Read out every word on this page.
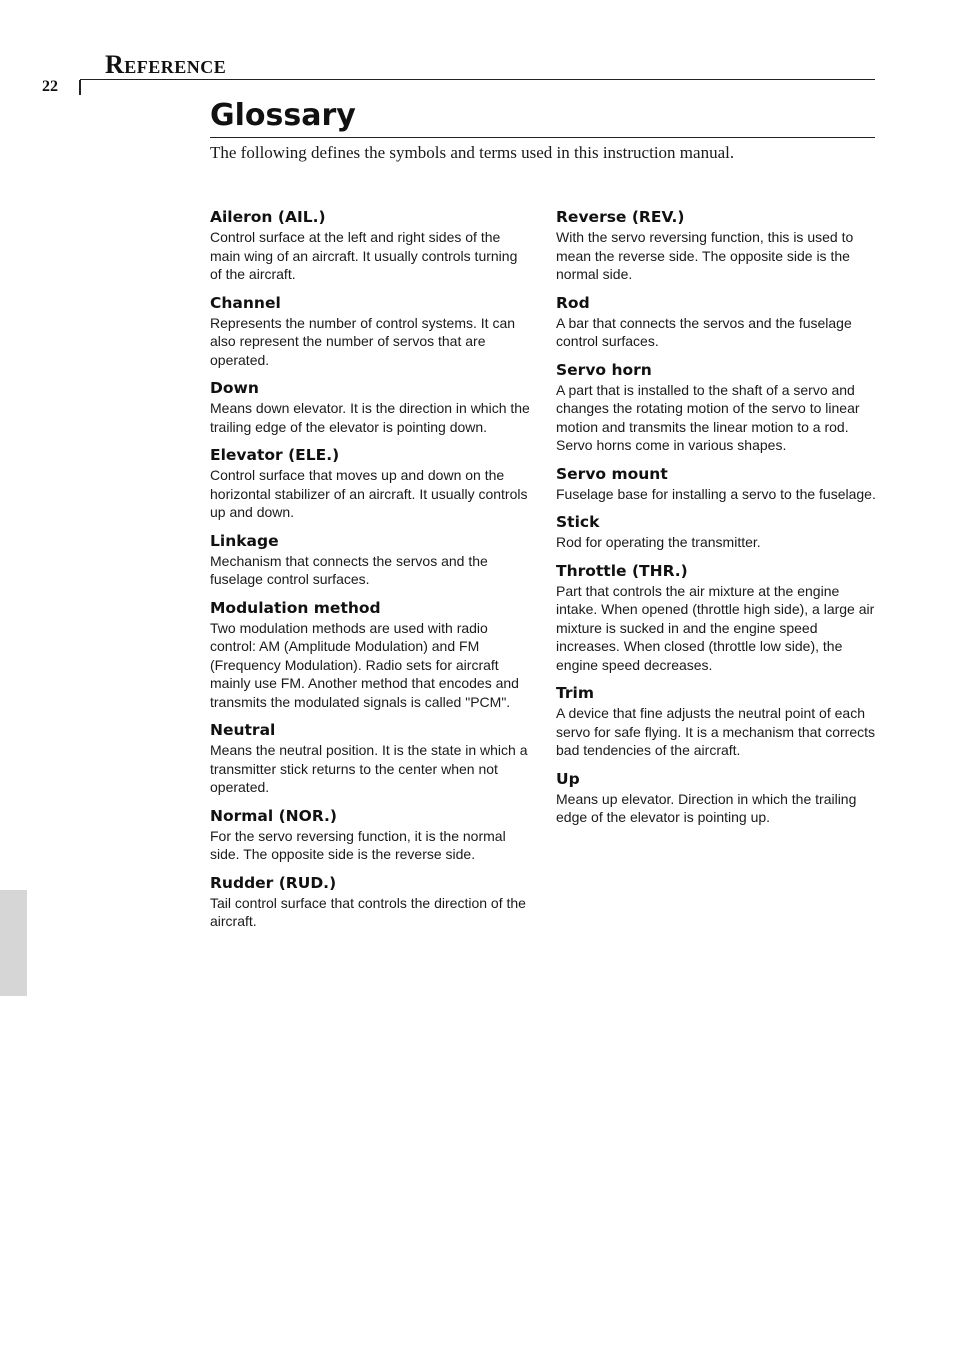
Reference
22
Glossary

The following defines the symbols and terms used in this instruction manual.

Aileron (AIL.)
Control surface at the left and right sides of the main wing of an aircraft. It usually controls turning of the aircraft.
Channel
Represents the number of control systems. It can also represent the number of servos that are operated.
Down
Means down elevator. It is the direction in which the trailing edge of the elevator is pointing down.
Elevator (ELE.)
Control surface that moves up and down on the horizontal stabilizer of an aircraft. It usually controls up and down.
Linkage
Mechanism that connects the servos and the fuselage control surfaces.
Modulation method
Two modulation methods are used with radio control: AM (Amplitude Modulation) and FM (Frequency Modulation). Radio sets for aircraft mainly use FM. Another method that encodes and transmits the modulated signals is called "PCM".
Neutral
Means the neutral position. It is the state in which a transmitter stick returns to the center when not operated.
Normal (NOR.)
For the servo reversing function, it is the normal side. The opposite side is the reverse side.
Rudder (RUD.)
Tail control surface that controls the direction of the aircraft.
Reverse (REV.)
With the servo reversing function, this is used to mean the reverse side. The opposite side is the normal side.
Rod
A bar that connects the servos and the fuselage control surfaces.
Servo horn
A part that is installed to the shaft of a servo and changes the rotating motion of the servo to linear motion and transmits the linear motion to a rod. Servo horns come in various shapes.
Servo mount
Fuselage base for installing a servo to the fuselage.
Stick
Rod for operating the transmitter.
Throttle (THR.)
Part that controls the air mixture at the engine intake. When opened (throttle high side), a large air mixture is sucked in and the engine speed increases. When closed (throttle low side), the engine speed decreases.
Trim
A device that fine adjusts the neutral point of each servo for safe flying. It is a mechanism that corrects bad tendencies of the aircraft.
Up
Means up elevator. Direction in which the trailing edge of the elevator is pointing up.
